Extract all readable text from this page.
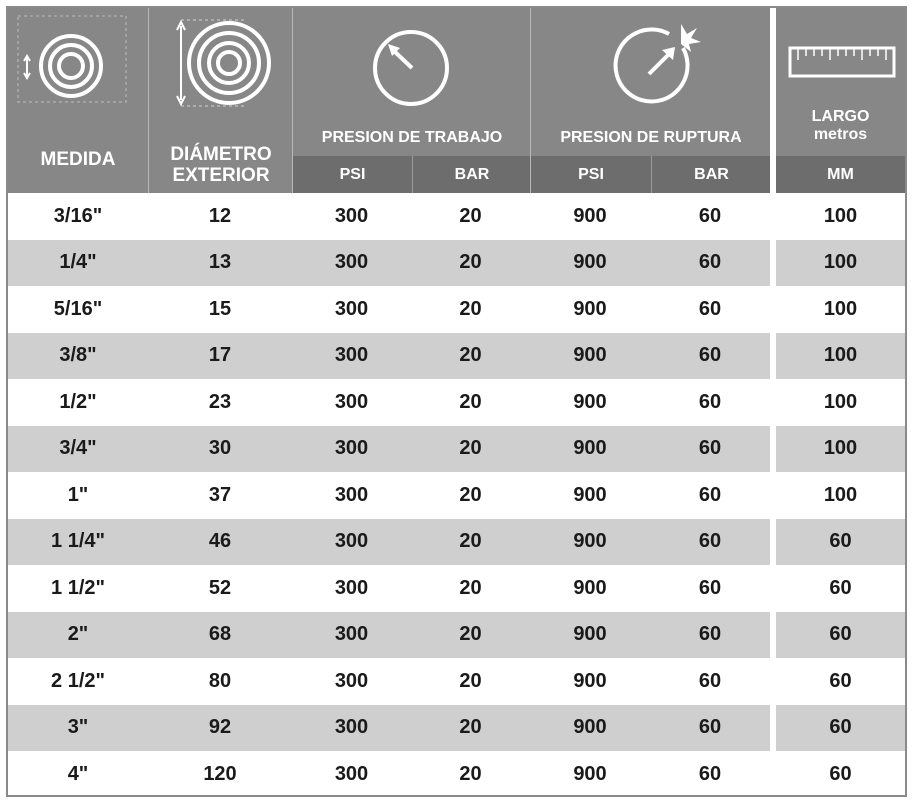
MEDIDA	DIÁMETRO
EXTERIOR
PRESION DE TRABAJO
PSI	BAR
PRESION DE RUPTURA
PSI	BAR
LARGO
metros
MM
3/16"	12	300	20	900	60	100
1/4"	13	300	20	900	60	100
5/16"	15	300	20	900	60	100
3/8"	17	300	20	900	60	100
1/2"	23	300	20	900	60	100
3/4"	30	300	20	900	60	100
1"	37	300	20	900	60	100
1 1/4"	46	300	20	900	60	60
1 1/2"	52	300	20	900	60	60
2"	68	300	20	900	60	60
2 1/2"	80	300	20	900	60	60
3"	92	300	20	900	60	60
4"	120	300	20	900	60	60
